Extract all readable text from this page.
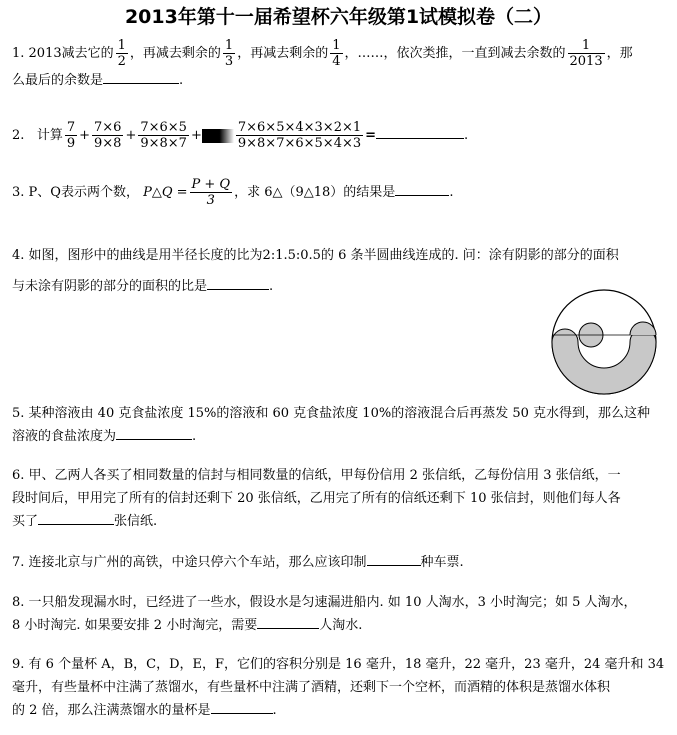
2013年第十一届希望杯六年级第1试模拟卷（二）
1. 2013减去它的 $\frac{1}{2}$ ，再减去剩余的 $\frac{1}{3}$ ，再减去剩余的 $\frac{1}{4}$ ，……，依次类推，一直到减去余数的 $\frac{1}{2013}$ ，那
么最后的余数是	.
2. 计算 $\frac{7}{9} + \frac{7\times 6}{9\times 8} + \frac{7\times 6\times 5}{9\times 8\times 7}$ +	$\frac{7\times 6\times 5\times 4\times 3\times 2\times 1}{9\times 8\times 7\times 6\times 5\times 4\times 3}$ =	.
3. P、Q表示两个数， P△Q = $\frac{P + Q}{3}$ ，求 6△（9△18）的结果是	.
4. 如图，图形中的曲线是用半径长度的比为2:1.5:0.5的 6 条半圆曲线连成的. 问：涂有阴影的部分的面积
与未涂有阴影的部分的面积的比是	.
5. 某种溶液由 40 克食盐浓度 15%的溶液和 60 克食盐浓度 10%的溶液混合后再蒸发 50 克水得到，那么这种
溶液的食盐浓度为	.
6. 甲、乙两人各买了相同数量的信封与相同数量的信纸，甲每份信用 2 张信纸，乙每份信用 3 张信纸，一
段时间后，甲用完了所有的信封还剩下 20 张信纸，乙用完了所有的信纸还剩下 10 张信封，则他们每人各
买了	张信纸.
7. 连接北京与广州的高铁，中途只停六个车站，那么应该印制	种车票.
8. 一只船发现漏水时，已经进了一些水，假设水是匀速漏进船内. 如 10 人淘水，3 小时淘完；如 5 人淘水，
8 小时淘完. 如果要安排 2 小时淘完，需要	人淘水.
9. 有 6 个量杯 A，B，C，D，E，F，它们的容积分别是 16 毫升，18 毫升，22 毫升，23 毫升，24 毫升和 34
毫升，有些量杯中注满了蒸馏水，有些量杯中注满了酒精，还剩下一个空杯，而酒精的体积是蒸馏水体积
的 2 倍，那么注满蒸馏水的量杯是	.
